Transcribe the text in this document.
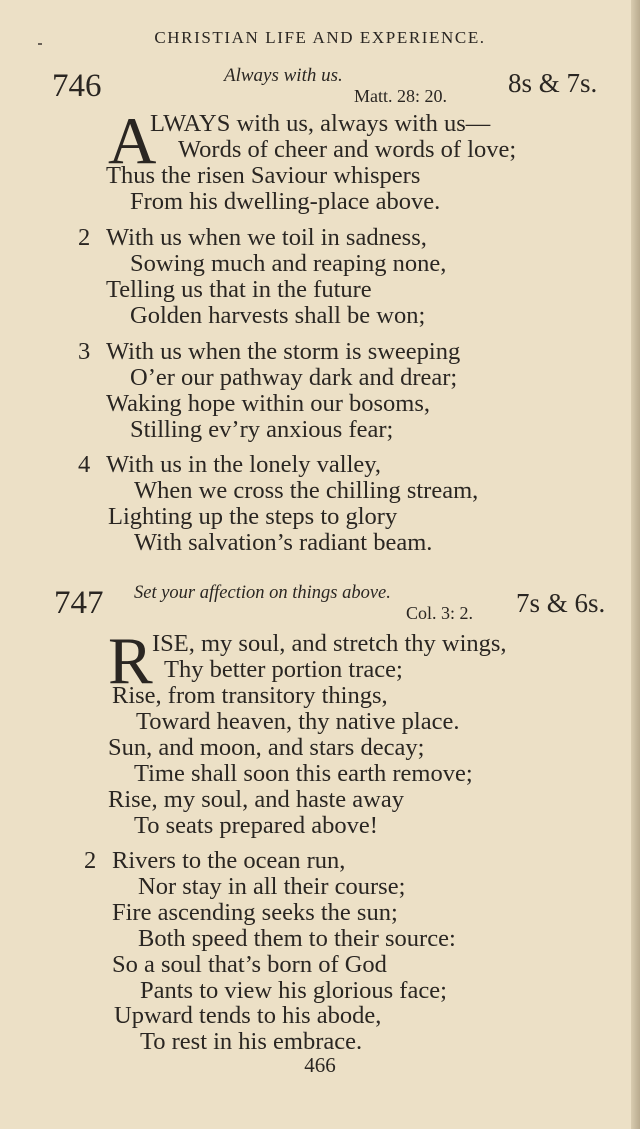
CHRISTIAN LIFE AND EXPERIENCE.
746	Always with us.
Matt. 28: 20. 8s & 7s.
A
LWAYS with us, always with us—
Words of cheer and words of love;
Thus the risen Saviour whispers
From his dwelling-place above.
2 With us when we toil in sadness,
Sowing much and reaping none,
Telling us that in the future
Golden harvests shall be won;
3 With us when the storm is sweeping
O’er our pathway dark and drear;
Waking hope within our bosoms,
Stilling ev’ry anxious fear;
4 With us in the lonely valley,
When we cross the chilling stream,
Lighting up the steps to glory
With salvation’s radiant beam.
747 Set your affection on things above.
Col. 3: 2. 7s & 6s.
R ISE, my soul, and stretch thy wings,
Thy better portion trace;
Rise, from transitory things,
Toward heaven, thy native place.
Sun, and moon, and stars decay;
Time shall soon this earth remove;
Rise, my soul, and haste away
To seats prepared above!
2 Rivers to the ocean run,
Nor stay in all their course;
Fire ascending seeks the sun;
Both speed them to their source:
So a soul that’s born of God
Pants to view his glorious face;
Upward tends to his abode,
To rest in his embrace.
466
